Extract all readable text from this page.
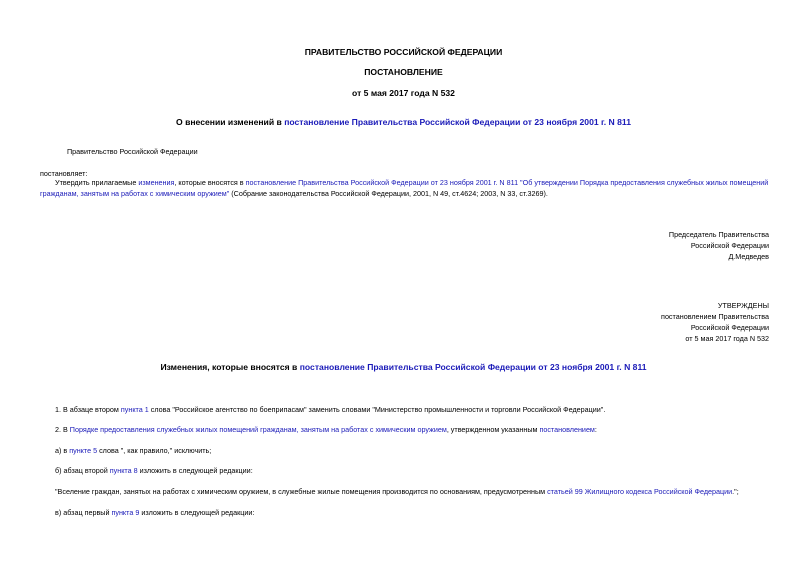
ПРАВИТЕЛЬСТВО РОССИЙСКОЙ ФЕДЕРАЦИИ
ПОСТАНОВЛЕНИЕ
от 5 мая 2017 года N 532
О внесении изменений в постановление Правительства Российской Федерации от 23 ноября 2001 г. N 811
Правительство Российской Федерации
постановляет:
Утвердить прилагаемые изменения, которые вносятся в постановление Правительства Российской Федерации от 23 ноября 2001 г. N 811 "Об утверждении Порядка предоставления служебных жилых помещений
гражданам, занятым на работах с химическим оружием" (Собрание законодательства Российской Федерации, 2001, N 49, ст.4624; 2003, N 33, ст.3269).
Председатель Правительства
Российской Федерации
Д.Медведев
УТВЕРЖДЕНЫ
постановлением Правительства
Российской Федерации
от 5 мая 2017 года N 532
Изменения, которые вносятся в постановление Правительства Российской Федерации от 23 ноября 2001 г. N 811
1. В абзаце втором пункта 1 слова "Российское агентство по боеприпасам" заменить словами "Министерство промышленности и торговли Российской Федерации".
2. В Порядке предоставления служебных жилых помещений гражданам, занятым на работах с химическим оружием, утвержденном указанным постановлением:
а) в пункте 5 слова ", как правило," исключить;
б) абзац второй пункта 8 изложить в следующей редакции:
"Вселение граждан, занятых на работах с химическим оружием, в служебные жилые помещения производится по основаниям, предусмотренным статьей 99 Жилищного кодекса Российской Федерации.";
в) абзац первый пункта 9 изложить в следующей редакции:
